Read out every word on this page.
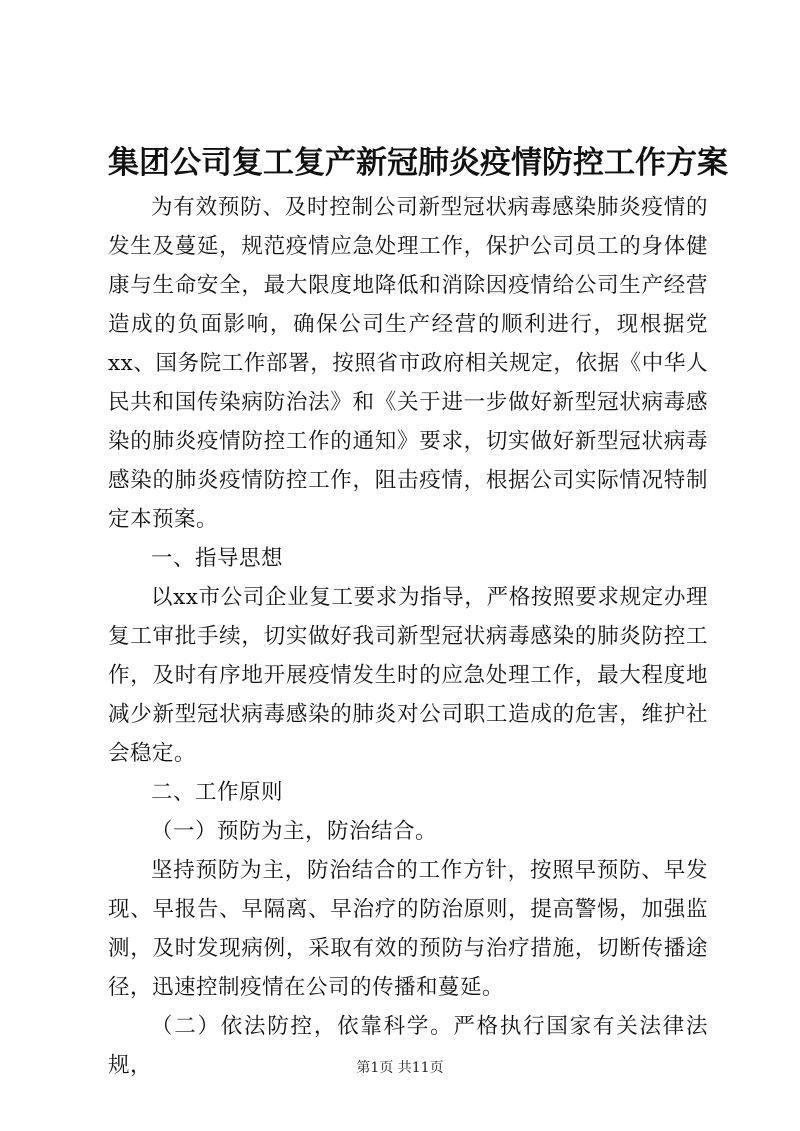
集团公司复工复产新冠肺炎疫情防控工作方案

为有效预防、及时控制公司新型冠状病毒感染肺炎疫情的发生及蔓延，规范疫情应急处理工作，保护公司员工的身体健康与生命安全，最大限度地降低和消除因疫情给公司生产经营造成的负面影响，确保公司生产经营的顺利进行，现根据党xx、国务院工作部署，按照省市政府相关规定，依据《中华人民共和国传染病防治法》和《关于进一步做好新型冠状病毒感染的肺炎疫情防控工作的通知》要求，切实做好新型冠状病毒感染的肺炎疫情防控工作，阻击疫情，根据公司实际情况特制定本预案。

一、指导思想

以xx市公司企业复工要求为指导，严格按照要求规定办理复工审批手续，切实做好我司新型冠状病毒感染的肺炎防控工作，及时有序地开展疫情发生时的应急处理工作，最大程度地减少新型冠状病毒感染的肺炎对公司职工造成的危害，维护社会稳定。

二、工作原则

（一）预防为主，防治结合。

坚持预防为主，防治结合的工作方针，按照早预防、早发现、早报告、早隔离、早治疗的防治原则，提高警惕，加强监测，及时发现病例，采取有效的预防与治疗措施，切断传播途径，迅速控制疫情在公司的传播和蔓延。

（二）依法防控，依靠科学。严格执行国家有关法律法规，	第1页 共11页
